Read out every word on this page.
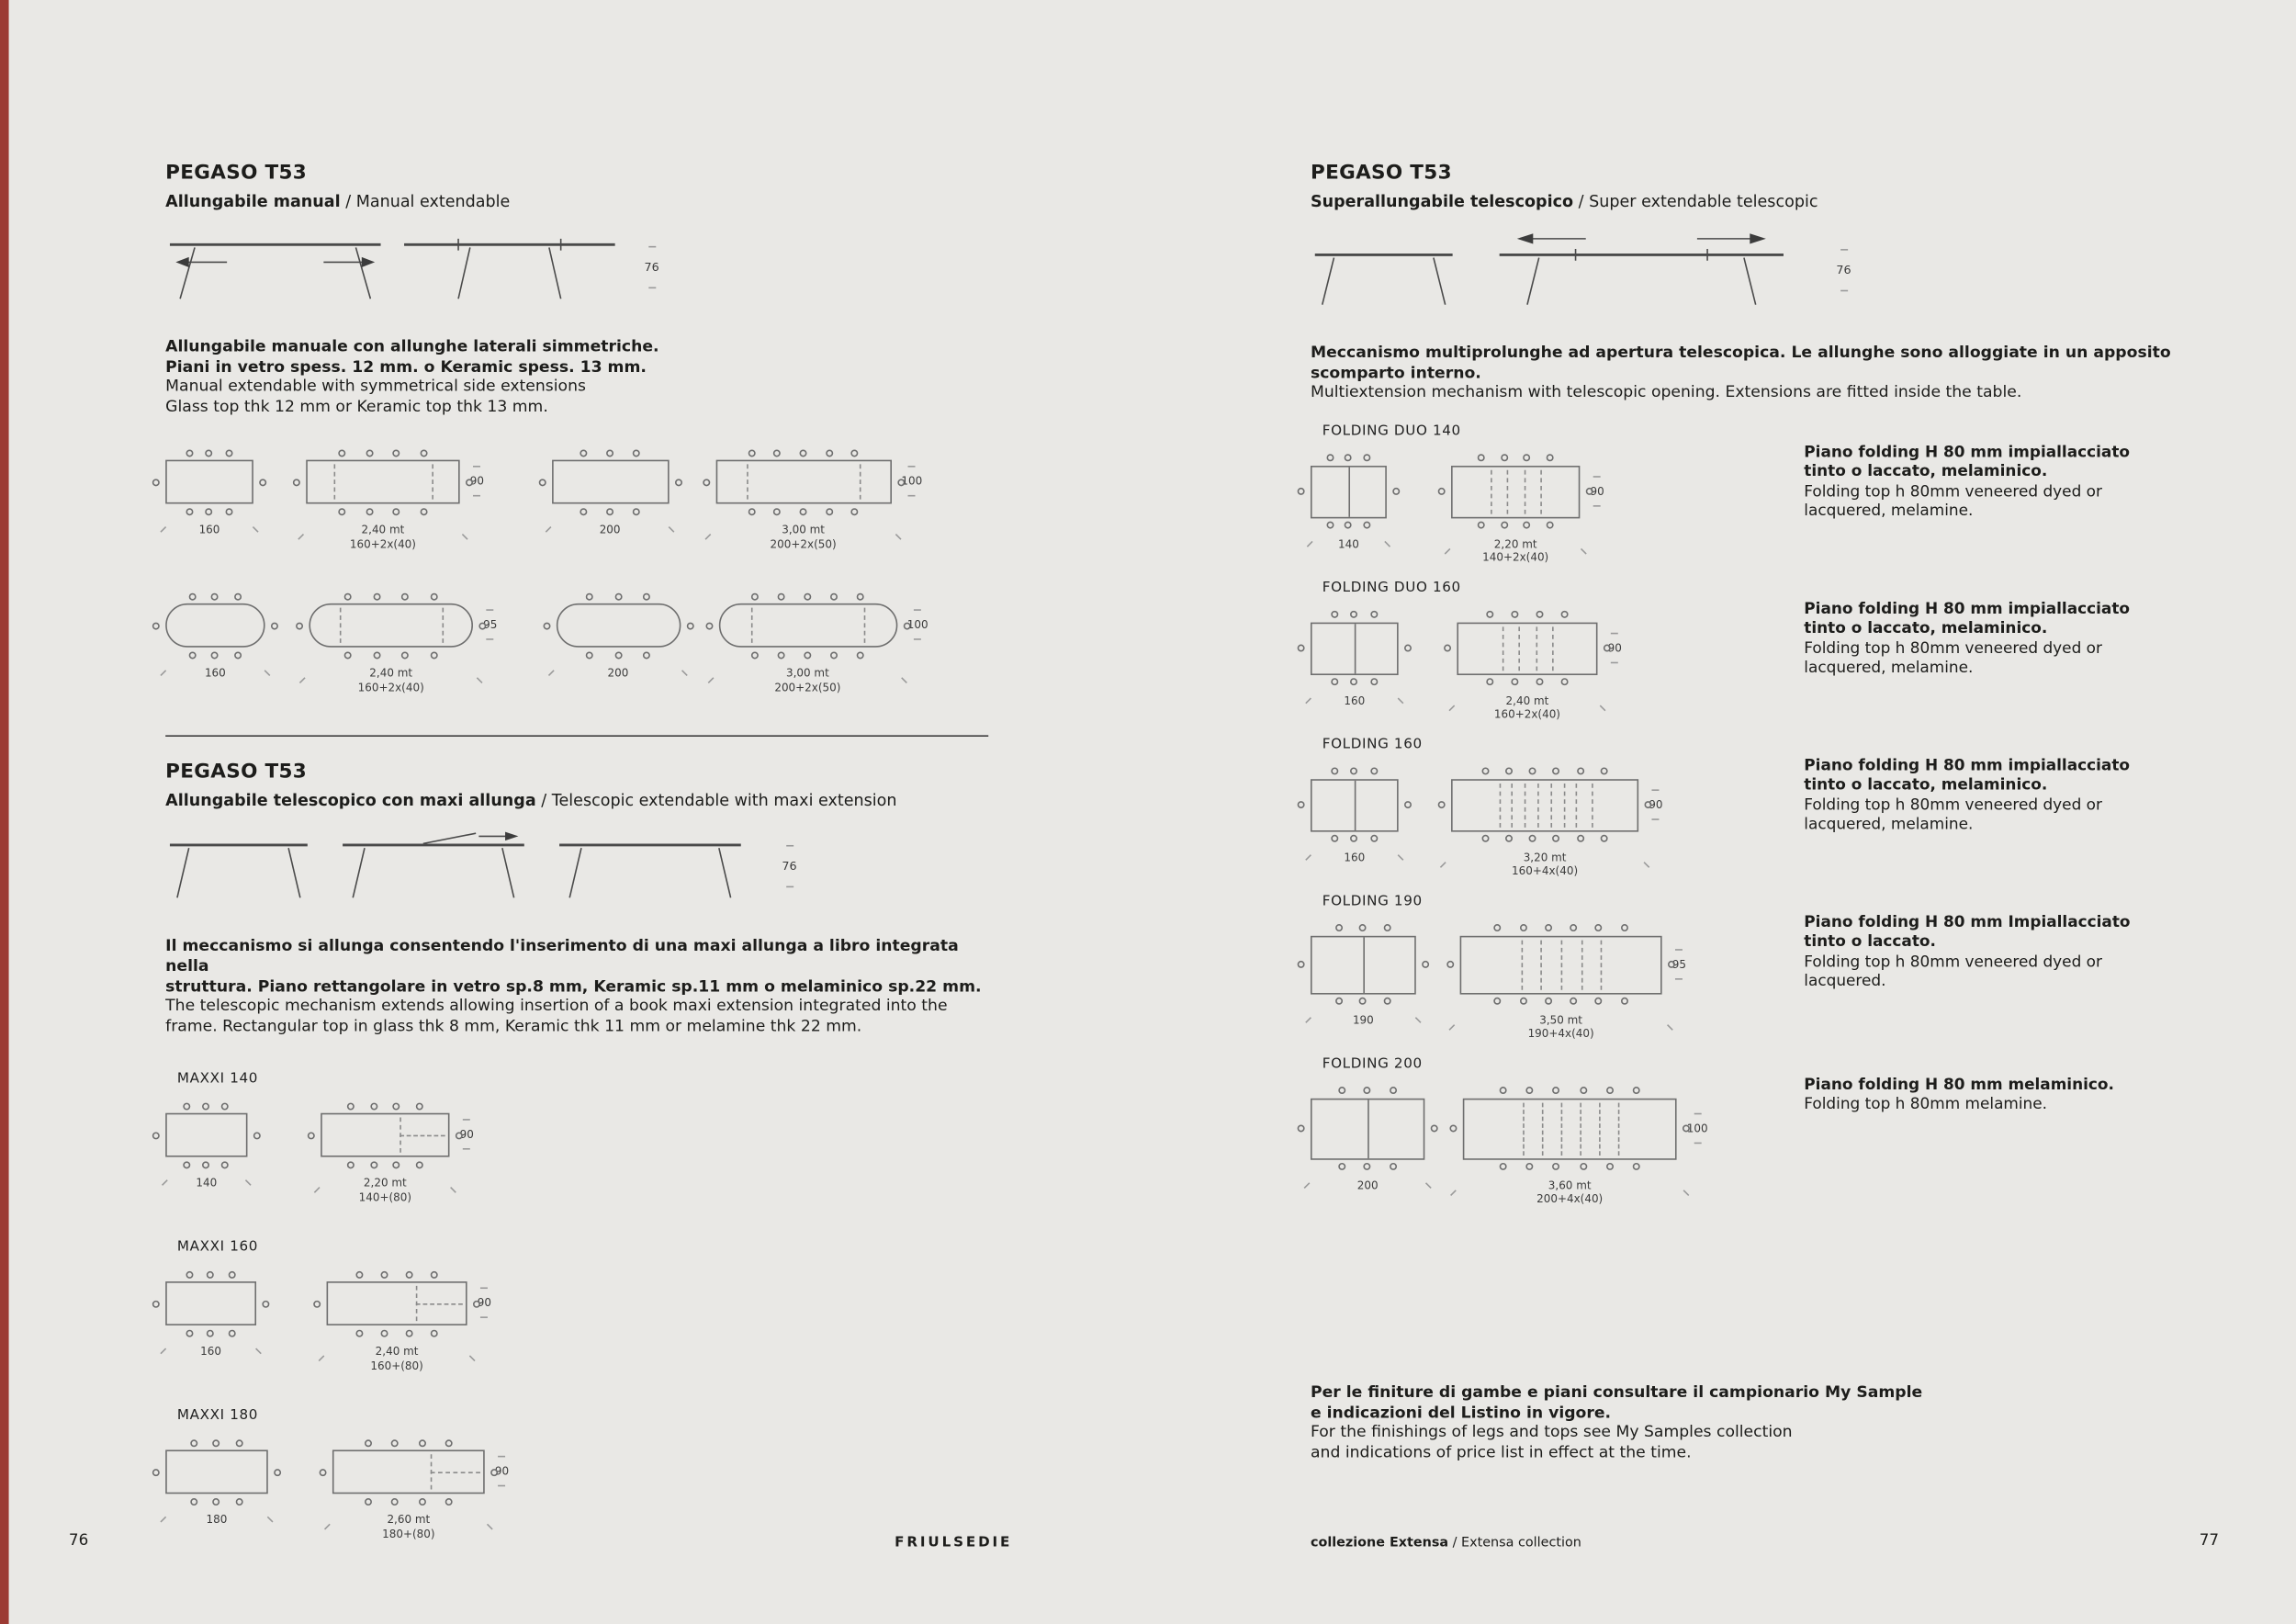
PEGASO T53
Allungabile manual / Manual extendable
76
Allungabile manuale con allunghe laterali simmetriche.
Piani in vetro spess. 12 mm. o Keramic spess. 13 mm.
Manual extendable with symmetrical side extensions
Glass top thk 12 mm or Keramic top thk 13 mm.
160	2,40 mt
160+2x(40)
90
200	3,00 mt
200+2x(50)
100
160	2,40 mt
160+2x(40)
95
200	3,00 mt
200+2x(50)
100
PEGASO T53
Allungabile telescopico con maxi allunga / Telescopic extendable with maxi extension
76
Il meccanismo si allunga consentendo l'inserimento di una maxi allunga a libro integrata nella
struttura. Piano rettangolare in vetro sp.8 mm, Keramic sp.11 mm o melaminico sp.22 mm.
The telescopic mechanism extends allowing insertion of a book maxi extension integrated into the
frame. Rectangular top in glass thk 8 mm, Keramic thk 11 mm or melamine thk 22 mm.
MAXXI 140
140	2,20 mt
140+(80)
90
MAXXI 160
160	2,40 mt
160+(80)
90
MAXXI 180
180	2,60 mt
180+(80)
90
PEGASO T53
Superallungabile telescopico / Super extendable telescopic
76
Meccanismo multiprolunghe ad apertura telescopica. Le allunghe sono alloggiate in un apposito
scomparto interno.
Multiextension mechanism with telescopic opening. Extensions are fitted inside the table.
FOLDING DUO 140
140	2,20 mt
140+2x(40)
90
Piano folding H 80 mm impiallacciato
tinto o laccato, melaminico.
Folding top h 80mm veneered dyed or
lacquered, melamine.
FOLDING DUO 160
160	2,40 mt
160+2x(40)
90
Piano folding H 80 mm impiallacciato
tinto o laccato, melaminico.
Folding top h 80mm veneered dyed or
lacquered, melamine.
FOLDING 160
160	3,20 mt
160+4x(40)
90
Piano folding H 80 mm impiallacciato
tinto o laccato, melaminico.
Folding top h 80mm veneered dyed or
lacquered, melamine.
FOLDING 190
190	3,50 mt
190+4x(40)
95
Piano folding H 80 mm Impiallacciato
tinto o laccato.
Folding top h 80mm veneered dyed or
lacquered.
FOLDING 200
200	3,60 mt
200+4x(40)
100
Piano folding H 80 mm melaminico.
Folding top h 80mm melamine.
Per le finiture di gambe e piani consultare il campionario My Sample
e indicazioni del Listino in vigore.
For the finishings of legs and tops see My Samples collection
and indications of price list in effect at the time.
76	FRIULSEDIE	collezione Extensa / Extensa collection	77
